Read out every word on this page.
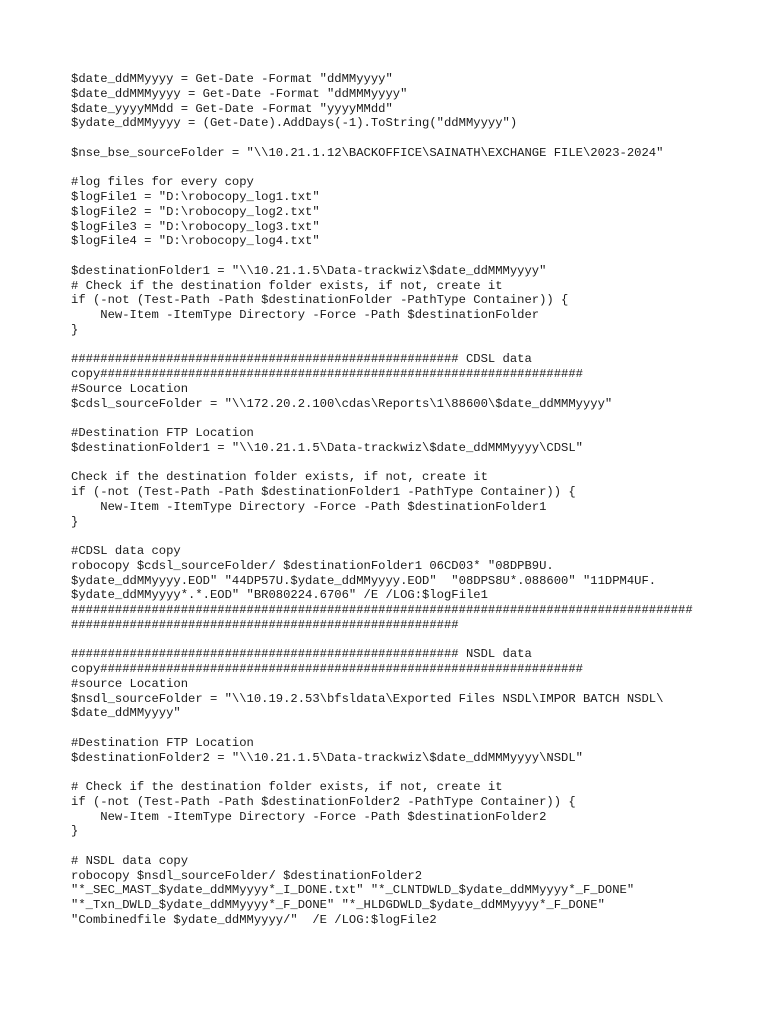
$date_ddMMyyyy = Get-Date -Format "ddMMyyyy"
$date_ddMMMyyyy = Get-Date -Format "ddMMMyyyy"
$date_yyyyMMdd = Get-Date -Format "yyyyMMdd"
$ydate_ddMMyyyy = (Get-Date).AddDays(-1).ToString("ddMMyyyy")
$nse_bse_sourceFolder = "\\10.21.1.12\BACKOFFICE\SAINATH\EXCHANGE FILE\2023-2024"
#log files for every copy
$logFile1 = "D:\robocopy_log1.txt"
$logFile2 = "D:\robocopy_log2.txt"
$logFile3 = "D:\robocopy_log3.txt"
$logFile4 = "D:\robocopy_log4.txt"
$destinationFolder1 = "\\10.21.1.5\Data-trackwiz\$date_ddMMMyyyy"
# Check if the destination folder exists, if not, create it
if (-not (Test-Path -Path $destinationFolder -PathType Container)) {
New-Item -ItemType Directory -Force -Path $destinationFolder
}
##################################################### CDSL data
copy##################################################################
#Source Location
$cdsl_sourceFolder = "\\172.20.2.100\cdas\Reports\1\88600\$date_ddMMMyyyy"
#Destination FTP Location
$destinationFolder1 = "\\10.21.1.5\Data-trackwiz\$date_ddMMMyyyy\CDSL"
Check if the destination folder exists, if not, create it
if (-not (Test-Path -Path $destinationFolder1 -PathType Container)) {
New-Item -ItemType Directory -Force -Path $destinationFolder1
}
#CDSL data copy
robocopy $cdsl_sourceFolder/ $destinationFolder1 06CD03* "08DPB9U.
$ydate_ddMMyyyy.EOD" "44DP57U.$ydate_ddMMyyyy.EOD"  "08DPS8U*.088600" "11DPM4UF.
$ydate_ddMMyyyy*.*.EOD" "BR080224.6706" /E /LOG:$logFile1
#####################################################################################
#####################################################
##################################################### NSDL data
copy##################################################################
#source Location
$nsdl_sourceFolder = "\\10.19.2.53\bfsldata\Exported Files NSDL\IMPOR BATCH NSDL\
$date_ddMMyyyy"
#Destination FTP Location
$destinationFolder2 = "\\10.21.1.5\Data-trackwiz\$date_ddMMMyyyy\NSDL"
# Check if the destination folder exists, if not, create it
if (-not (Test-Path -Path $destinationFolder2 -PathType Container)) {
New-Item -ItemType Directory -Force -Path $destinationFolder2
}
# NSDL data copy
robocopy $nsdl_sourceFolder/ $destinationFolder2
"*_SEC_MAST_$ydate_ddMMyyyy*_I_DONE.txt" "*_CLNTDWLD_$ydate_ddMMyyyy*_F_DONE"
"*_Txn_DWLD_$ydate_ddMMyyyy*_F_DONE" "*_HLDGDWLD_$ydate_ddMMyyyy*_F_DONE"
"Combinedfile $ydate_ddMMyyyy/"  /E /LOG:$logFile2
